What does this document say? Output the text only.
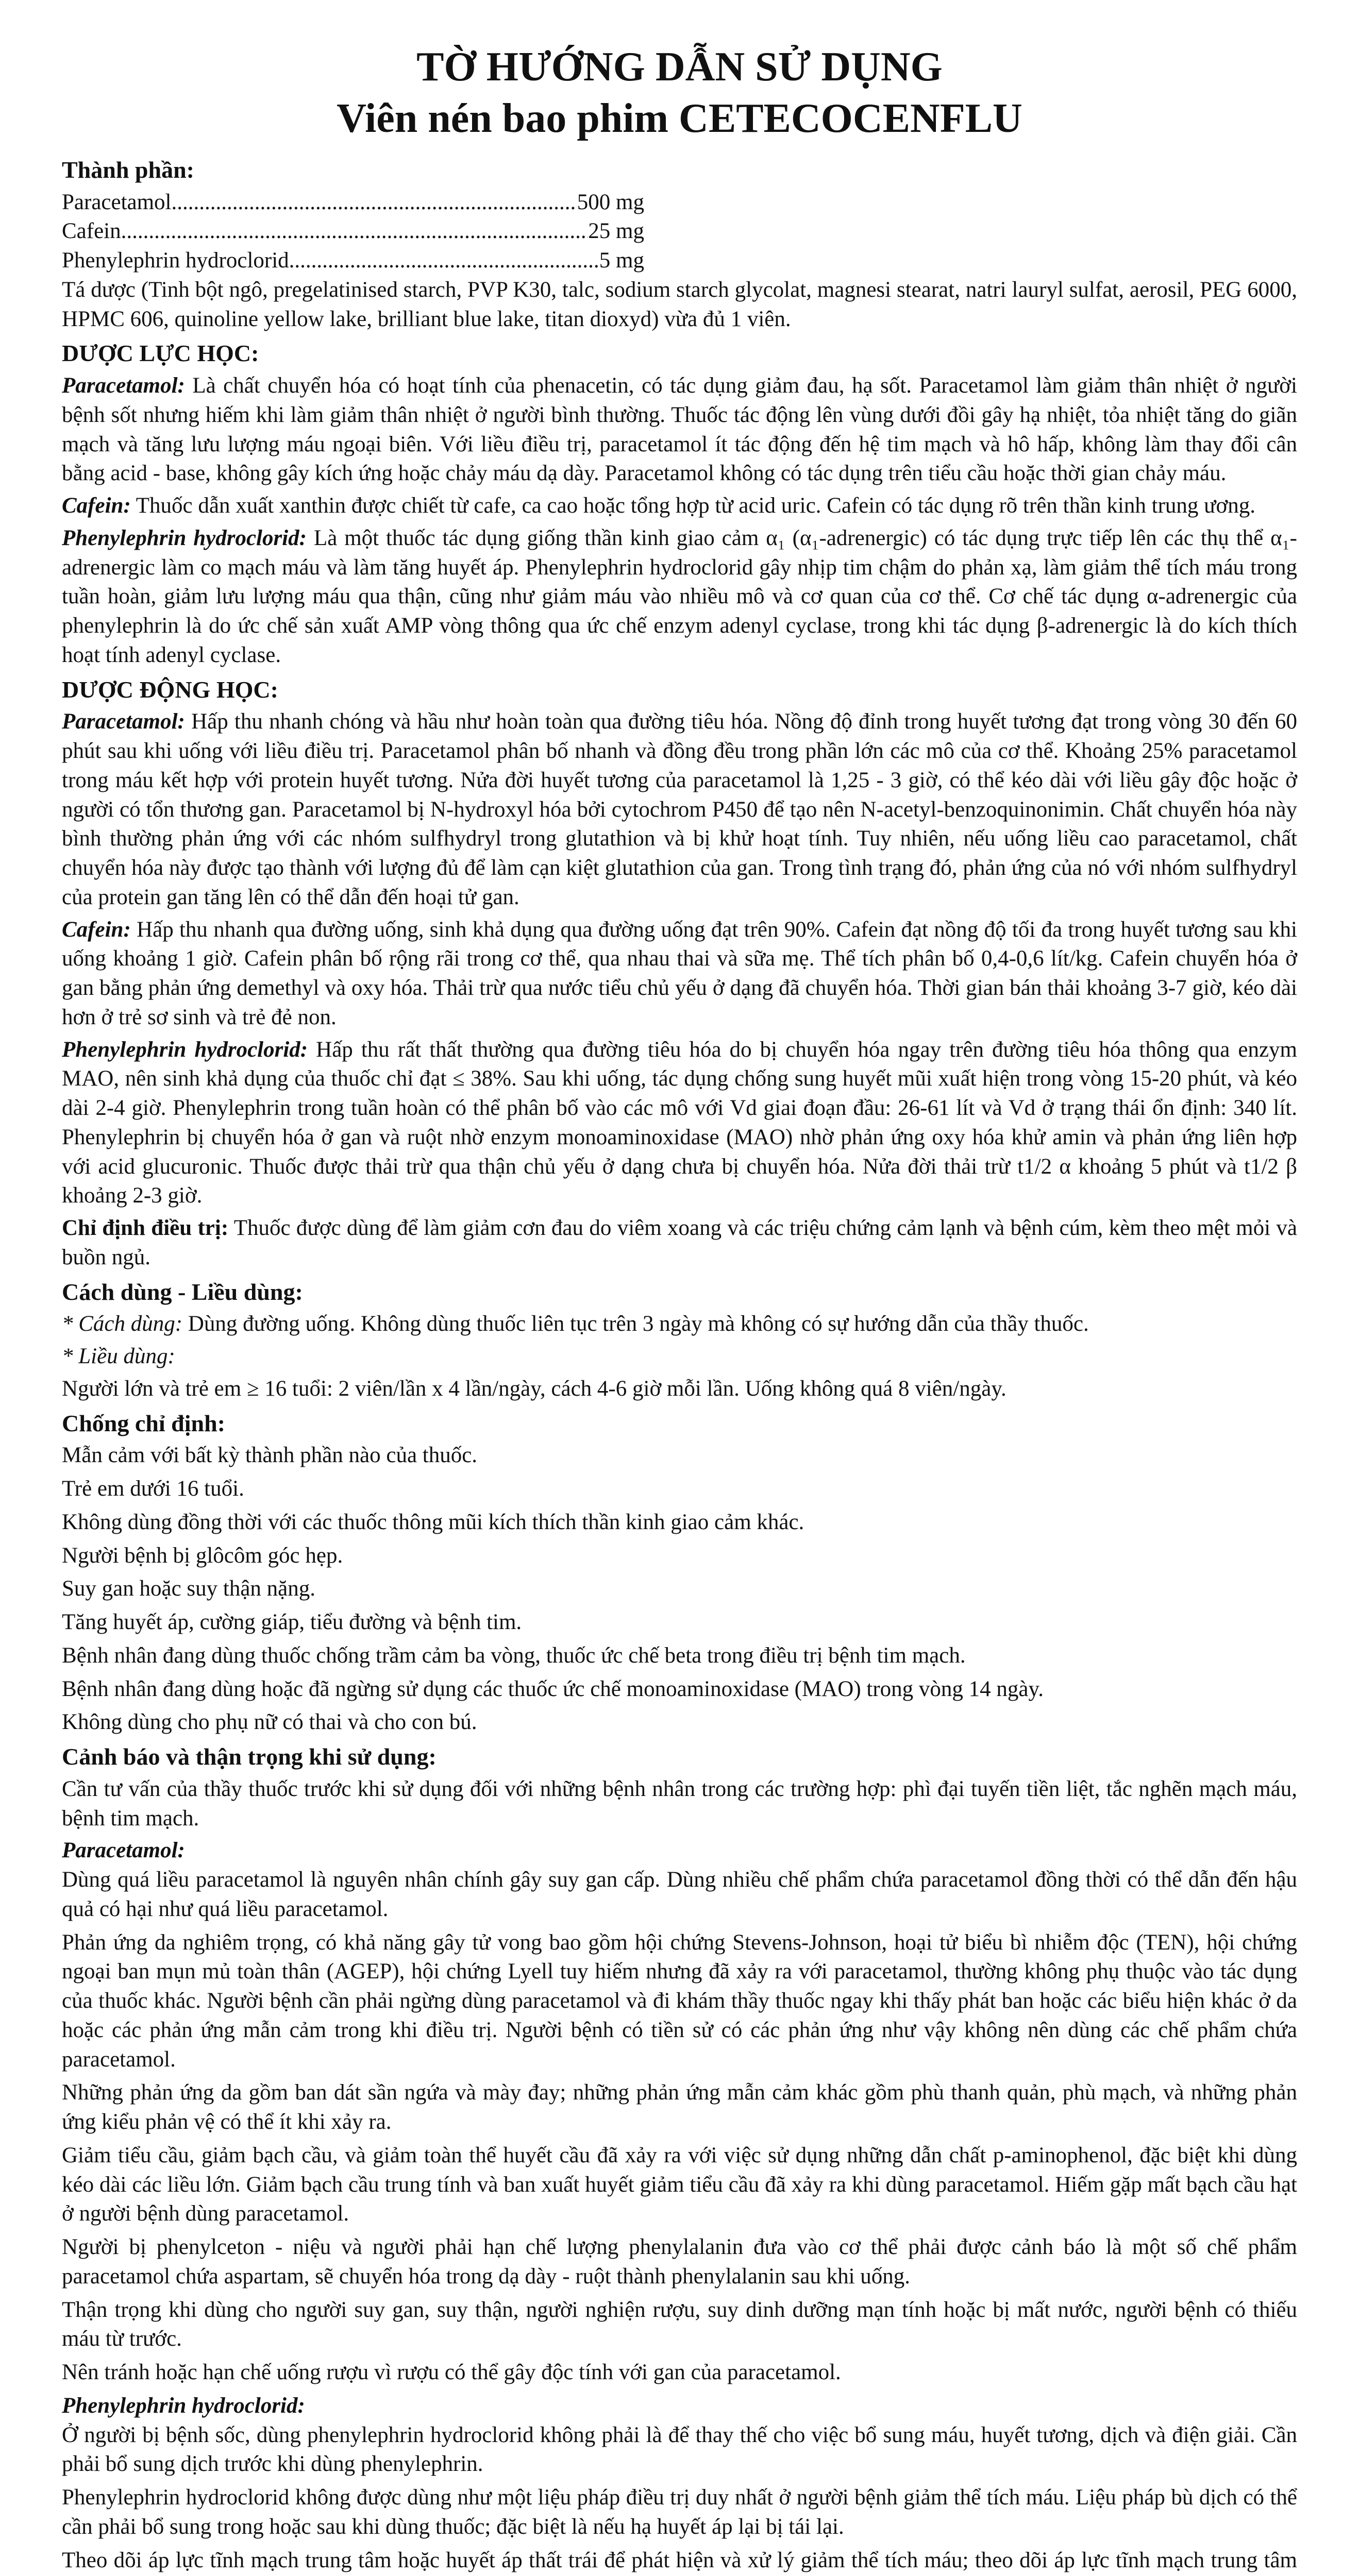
TỜ HƯỚNG DẪN SỬ DỤNG
Viên nén bao phim CETECOCENFLU
Thành phần:
Paracetamol .....	500 mg
Cafein .....	25 mg
Phenylephrin hydroclorid .....	5 mg
Tá dược (Tinh bột ngô, pregelatinised starch, PVP K30, talc, sodium starch glycolat, magnesi stearat, natri lauryl sulfat, aerosil, PEG 6000, HPMC 606, quinoline yellow lake, brilliant blue lake, titan dioxyd) vừa đủ 1 viên.
DƯỢC LỰC HỌC:
Paracetamol: Là chất chuyển hóa có hoạt tính của phenacetin, có tác dụng giảm đau, hạ sốt. Paracetamol làm giảm thân nhiệt ở người bệnh sốt nhưng hiếm khi làm giảm thân nhiệt ở người bình thường. Thuốc tác động lên vùng dưới đồi gây hạ nhiệt, tỏa nhiệt tăng do giãn mạch và tăng lưu lượng máu ngoại biên. Với liều điều trị, paracetamol ít tác động đến hệ tim mạch và hô hấp, không làm thay đổi cân bằng acid - base, không gây kích ứng hoặc chảy máu dạ dày. Paracetamol không có tác dụng trên tiểu cầu hoặc thời gian chảy máu.
Cafein: Thuốc dẫn xuất xanthin được chiết từ cafe, ca cao hoặc tổng hợp từ acid uric. Cafein có tác dụng rõ trên thần kinh trung ương.
Phenylephrin hydroclorid: Là một thuốc tác dụng giống thần kinh giao cảm α₁ (α₁-adrenergic) có tác dụng trực tiếp lên các thụ thể α₁-adrenergic làm co mạch máu và làm tăng huyết áp. Phenylephrin hydroclorid gây nhịp tim chậm do phản xạ, làm giảm thể tích máu trong tuần hoàn, giảm lưu lượng máu qua thận, cũng như giảm máu vào nhiều mô và cơ quan của cơ thể. Cơ chế tác dụng α-adrenergic của phenylephrin là do ức chế sản xuất AMP vòng thông qua ức chế enzym adenyl cyclase, trong khi tác dụng β-adrenergic là do kích thích hoạt tính adenyl cyclase.
DƯỢC ĐỘNG HỌC:
Paracetamol: Hấp thu nhanh chóng và hầu như hoàn toàn qua đường tiêu hóa. Nồng độ đỉnh trong huyết tương đạt trong vòng 30 đến 60 phút sau khi uống với liều điều trị. Paracetamol phân bố nhanh và đồng đều trong phần lớn các mô của cơ thể. Khoảng 25% paracetamol trong máu kết hợp với protein huyết tương. Nửa đời huyết tương của paracetamol là 1,25 - 3 giờ, có thể kéo dài với liều gây độc hoặc ở người có tổn thương gan. Paracetamol bị N-hydroxyl hóa bởi cytochrom P450 để tạo nên N-acetyl-benzoquinonimin. Chất chuyển hóa này bình thường phản ứng với các nhóm sulfhydryl trong glutathion và bị khử hoạt tính. Tuy nhiên, nếu uống liều cao paracetamol, chất chuyển hóa này được tạo thành với lượng đủ để làm cạn kiệt glutathion của gan. Trong tình trạng đó, phản ứng của nó với nhóm sulfhydryl của protein gan tăng lên có thể dẫn đến hoại tử gan.
Cafein: Hấp thu nhanh qua đường uống, sinh khả dụng qua đường uống đạt trên 90%. Cafein đạt nồng độ tối đa trong huyết tương sau khi uống khoảng 1 giờ. Cafein phân bố rộng rãi trong cơ thể, qua nhau thai và sữa mẹ. Thể tích phân bố 0,4-0,6 lít/kg. Cafein chuyển hóa ở gan bằng phản ứng demethyl và oxy hóa. Thải trừ qua nước tiểu chủ yếu ở dạng đã chuyển hóa. Thời gian bán thải khoảng 3-7 giờ, kéo dài hơn ở trẻ sơ sinh và trẻ đẻ non.
Phenylephrin hydroclorid: Hấp thu rất thất thường qua đường tiêu hóa do bị chuyển hóa ngay trên đường tiêu hóa thông qua enzym MAO, nên sinh khả dụng của thuốc chỉ đạt ≤ 38%. Sau khi uống, tác dụng chống sung huyết mũi xuất hiện trong vòng 15-20 phút, và kéo dài 2-4 giờ. Phenylephrin trong tuần hoàn có thể phân bố vào các mô với Vd giai đoạn đầu: 26-61 lít và Vd ở trạng thái ổn định: 340 lít. Phenylephrin bị chuyển hóa ở gan và ruột nhờ enzym monoaminoxidase (MAO) nhờ phản ứng oxy hóa khử amin và phản ứng liên hợp với acid glucuronic. Thuốc được thải trừ qua thận chủ yếu ở dạng chưa bị chuyển hóa. Nửa đời thải trừ t1/2 α khoảng 5 phút và t1/2 β khoảng 2-3 giờ.
Chỉ định điều trị: Thuốc được dùng để làm giảm cơn đau do viêm xoang và các triệu chứng cảm lạnh và bệnh cúm, kèm theo mệt mỏi và buồn ngủ.
Cách dùng - Liều dùng:
* Cách dùng: Dùng đường uống. Không dùng thuốc liên tục trên 3 ngày mà không có sự hướng dẫn của thầy thuốc.
* Liều dùng:
Người lớn và trẻ em ≥ 16 tuổi: 2 viên/lần x 4 lần/ngày, cách 4-6 giờ mỗi lần. Uống không quá 8 viên/ngày.
Chống chỉ định:
Mẫn cảm với bất kỳ thành phần nào của thuốc.
Trẻ em dưới 16 tuổi.
Không dùng đồng thời với các thuốc thông mũi kích thích thần kinh giao cảm khác.
Người bệnh bị glôcôm góc hẹp.
Suy gan hoặc suy thận nặng.
Tăng huyết áp, cường giáp, tiểu đường và bệnh tim.
Bệnh nhân đang dùng thuốc chống trầm cảm ba vòng, thuốc ức chế beta trong điều trị bệnh tim mạch.
Bệnh nhân đang dùng hoặc đã ngừng sử dụng các thuốc ức chế monoaminoxidase (MAO) trong vòng 14 ngày.
Không dùng cho phụ nữ có thai và cho con bú.
Cảnh báo và thận trọng khi sử dụng:
Cần tư vấn của thầy thuốc trước khi sử dụng đối với những bệnh nhân trong các trường hợp: phì đại tuyến tiền liệt, tắc nghẽn mạch máu, bệnh tim mạch.
Paracetamol:
Dùng quá liều paracetamol là nguyên nhân chính gây suy gan cấp. Dùng nhiều chế phẩm chứa paracetamol đồng thời có thể dẫn đến hậu quả có hại như quá liều paracetamol.
Phản ứng da nghiêm trọng, có khả năng gây tử vong bao gồm hội chứng Stevens-Johnson, hoại tử biểu bì nhiễm độc (TEN), hội chứng ngoại ban mụn mủ toàn thân (AGEP), hội chứng Lyell tuy hiếm nhưng đã xảy ra với paracetamol, thường không phụ thuộc vào tác dụng của thuốc khác. Người bệnh cần phải ngừng dùng paracetamol và đi khám thầy thuốc ngay khi thấy phát ban hoặc các biểu hiện khác ở da hoặc các phản ứng mẫn cảm trong khi điều trị. Người bệnh có tiền sử có các phản ứng như vậy không nên dùng các chế phẩm chứa paracetamol.
Những phản ứng da gồm ban dát sần ngứa và mày đay; những phản ứng mẫn cảm khác gồm phù thanh quản, phù mạch, và những phản ứng kiểu phản vệ có thể ít khi xảy ra.
Giảm tiểu cầu, giảm bạch cầu, và giảm toàn thể huyết cầu đã xảy ra với việc sử dụng những dẫn chất p-aminophenol, đặc biệt khi dùng kéo dài các liều lớn. Giảm bạch cầu trung tính và ban xuất huyết giảm tiểu cầu đã xảy ra khi dùng paracetamol. Hiếm gặp mất bạch cầu hạt ở người bệnh dùng paracetamol.
Người bị phenylceton - niệu và người phải hạn chế lượng phenylalanin đưa vào cơ thể phải được cảnh báo là một số chế phẩm paracetamol chứa aspartam, sẽ chuyển hóa trong dạ dày - ruột thành phenylalanin sau khi uống.
Thận trọng khi dùng cho người suy gan, suy thận, người nghiện rượu, suy dinh dưỡng mạn tính hoặc bị mất nước, người bệnh có thiếu máu từ trước.
Nên tránh hoặc hạn chế uống rượu vì rượu có thể gây độc tính với gan của paracetamol.
Phenylephrin hydroclorid:
Ở người bị bệnh sốc, dùng phenylephrin hydroclorid không phải là để thay thế cho việc bổ sung máu, huyết tương, dịch và điện giải. Cần phải bổ sung dịch trước khi dùng phenylephrin.
Phenylephrin hydroclorid không được dùng như một liệu pháp điều trị duy nhất ở người bệnh giảm thể tích máu. Liệu pháp bù dịch có thể cần phải bổ sung trong hoặc sau khi dùng thuốc; đặc biệt là nếu hạ huyết áp lại bị tái lại.
Theo dõi áp lực tĩnh mạch trung tâm hoặc huyết áp thất trái để phát hiện và xử lý giảm thể tích máu; theo dõi áp lực tĩnh mạch trung tâm
